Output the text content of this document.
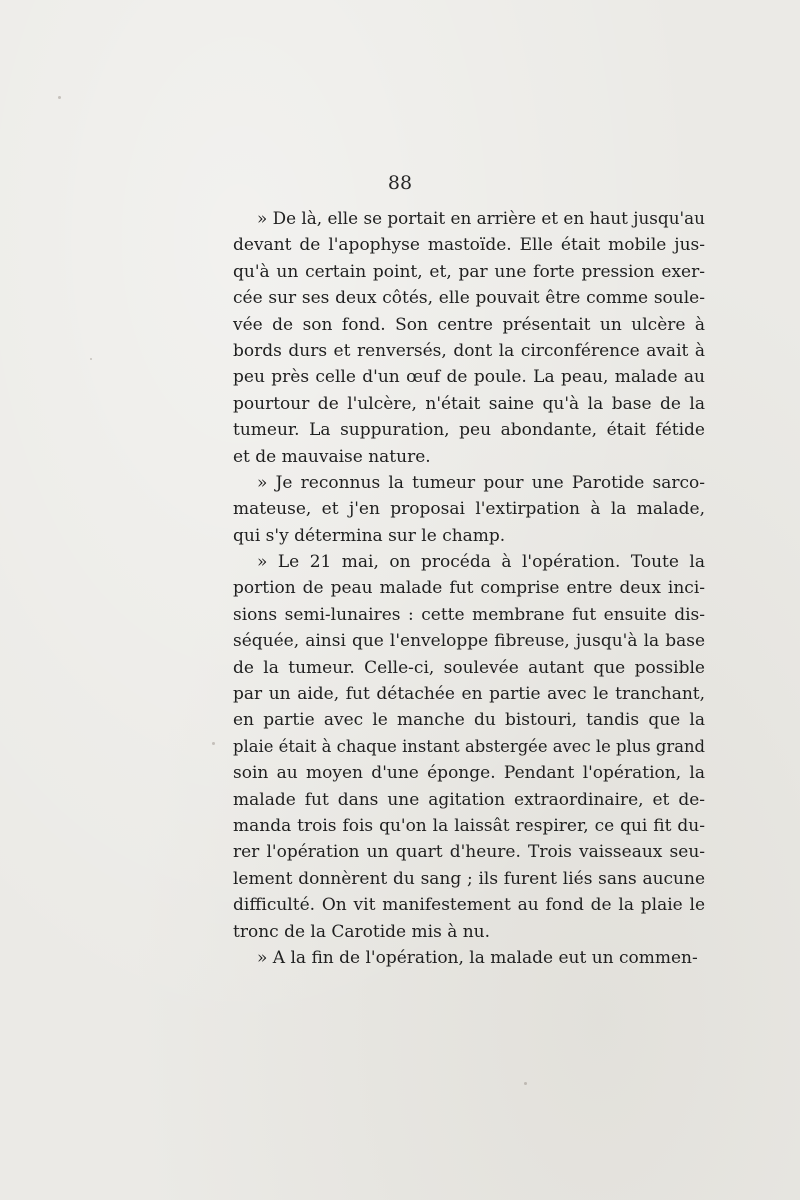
88

» De là, elle se portait en arrière et en haut jusqu'au
devant de l'apophyse mastoïde. Elle était mobile jus-
qu'à un certain point, et, par une forte pression exer-
cée sur ses deux côtés, elle pouvait être comme soule-
vée de son fond. Son centre présentait un ulcère à
bords durs et renversés, dont la circonférence avait à
peu près celle d'un œuf de poule. La peau, malade au
pourtour de l'ulcère, n'était saine qu'à la base de la
tumeur. La suppuration, peu abondante, était fétide
et de mauvaise nature.

» Je reconnus la tumeur pour une Parotide sarco-
mateuse, et j'en proposai l'extirpation à la malade,
qui s'y détermina sur le champ.

» Le 21 mai, on procéda à l'opération. Toute la
portion de peau malade fut comprise entre deux inci-
sions semi-lunaires : cette membrane fut ensuite dis-
séquée, ainsi que l'enveloppe fibreuse, jusqu'à la base
de la tumeur. Celle-ci, soulevée autant que possible
par un aide, fut détachée en partie avec le tranchant,
en partie avec le manche du bistouri, tandis que la
plaie était à chaque instant abstergée avec le plus grand
soin au moyen d'une éponge. Pendant l'opération, la
malade fut dans une agitation extraordinaire, et de-
manda trois fois qu'on la laissât respirer, ce qui fit du-
rer l'opération un quart d'heure. Trois vaisseaux seu-
lement donnèrent du sang ; ils furent liés sans aucune
difficulté. On vit manifestement au fond de la plaie le
tronc de la Carotide mis à nu.

» A la fin de l'opération, la malade eut un commen-
